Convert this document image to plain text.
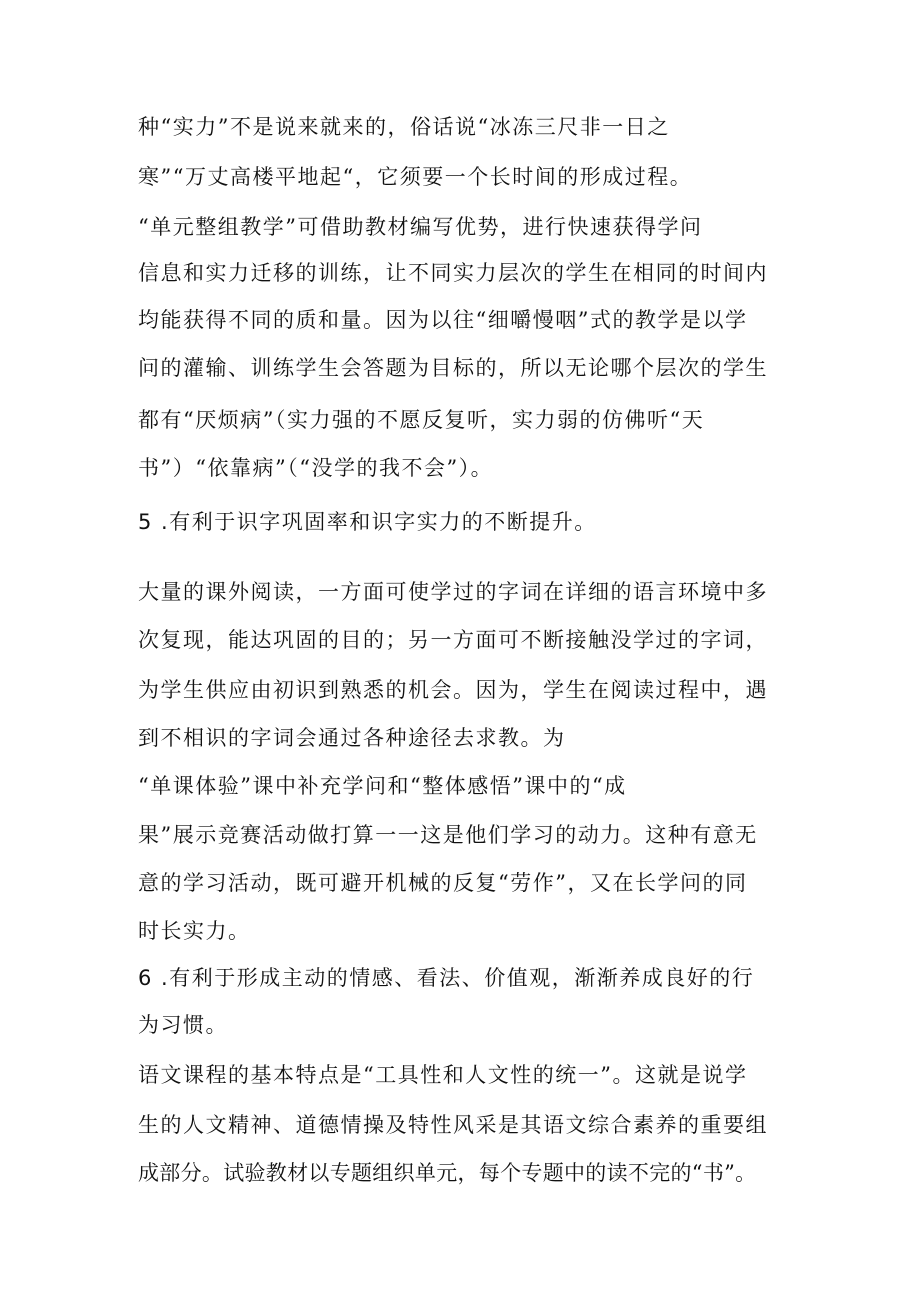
种“实力”不是说来就来的，俗话说“冰冻三尺非一日之
寒”“万丈高楼平地起“，它须要一个长时间的形成过程。
“单元整组教学”可借助教材编写优势，进行快速获得学问
信息和实力迁移的训练，让不同实力层次的学生在相同的时间内
均能获得不同的质和量。因为以往“细嚼慢咽”式的教学是以学
问的灌输、训练学生会答题为目标的，所以无论哪个层次的学生
都有“厌烦病”（实力强的不愿反复听，实力弱的仿佛听“天
书”）“依靠病”（“没学的我不会”）。
5 .有利于识字巩固率和识字实力的不断提升。
大量的课外阅读，一方面可使学过的字词在详细的语言环境中多
次复现，能达巩固的目的；另一方面可不断接触没学过的字词，
为学生供应由初识到熟悉的机会。因为，学生在阅读过程中，遇
到不相识的字词会通过各种途径去求教。为
“单课体验”课中补充学问和“整体感悟”课中的“成
果”展示竞赛活动做打算一一这是他们学习的动力。这种有意无
意的学习活动，既可避开机械的反复“劳作”，又在长学问的同
时长实力。
6 .有利于形成主动的情感、看法、价值观，渐渐养成良好的行
为习惯。
语文课程的基本特点是“工具性和人文性的统一”。这就是说学
生的人文精神、道德情操及特性风采是其语文综合素养的重要组
成部分。试验教材以专题组织单元，每个专题中的读不完的“书”。
